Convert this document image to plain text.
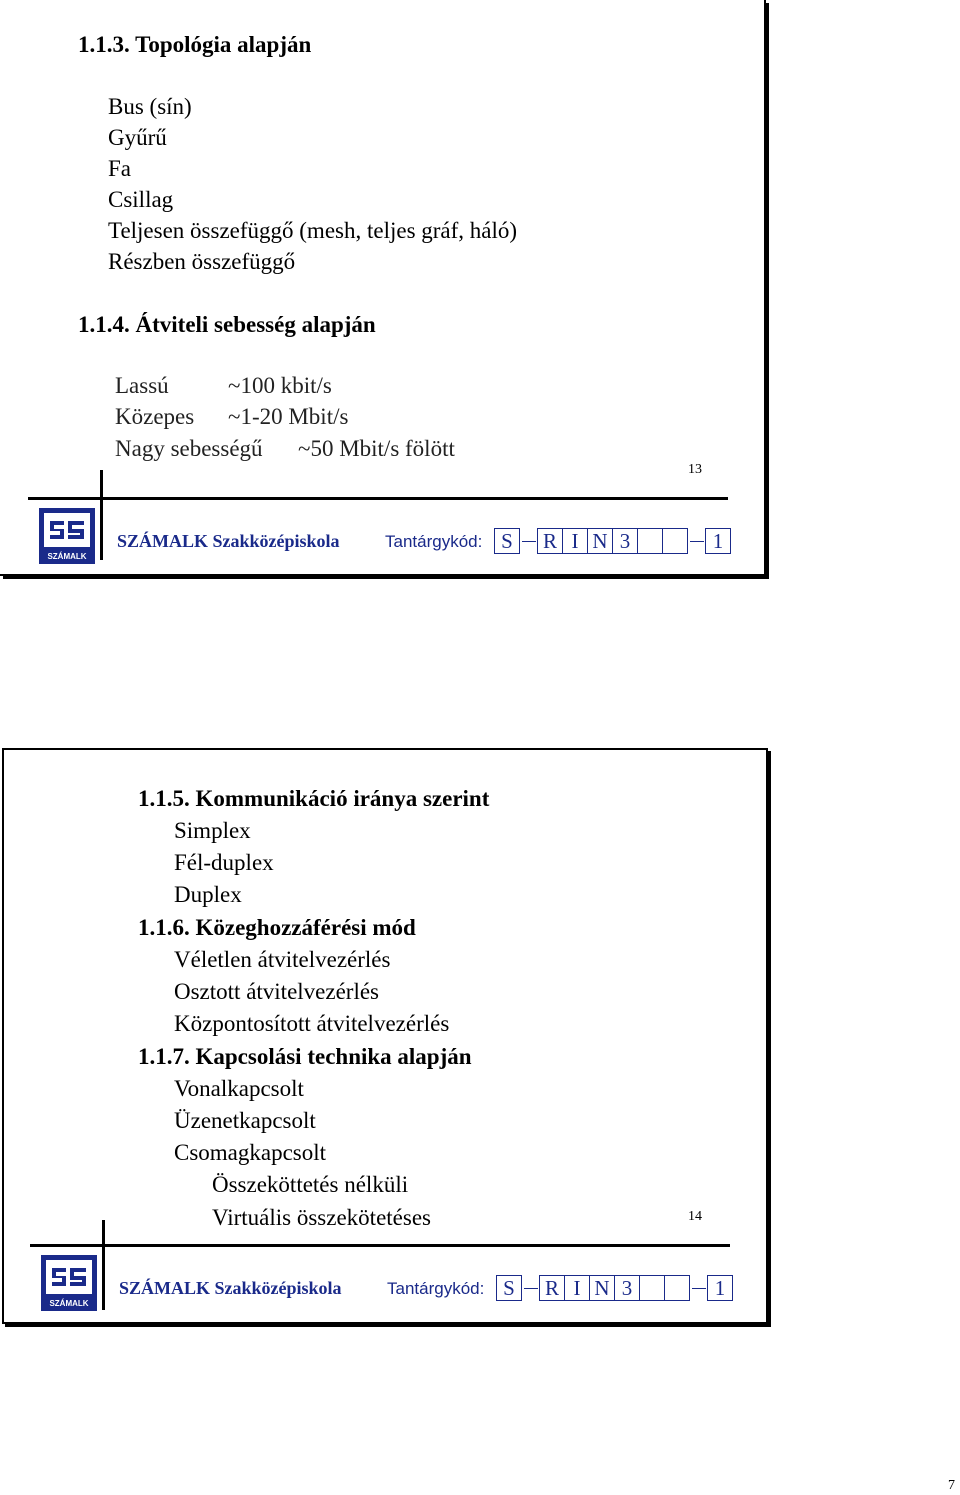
1.1.3. Topológia alapján
Bus (sín)
Gyűrű
Fa
Csillag
Teljesen összefüggő (mesh, teljes gráf, háló)
Részben összefüggő
1.1.4. Átviteli sebesség alapján
Lassú	~100 kbit/s
Közepes ~1-20 Mbit/s
Nagy sebességű ~50 Mbit/s fölött
13
SZÁMALK
SZÁMALK Szakközépiskola	Tantárgykód: S	R I N 3	1
1.1.5. Kommunikáció iránya szerint
Simplex
Fél-duplex
Duplex
1.1.6. Közeghozzáférési mód
Véletlen átvitelvezérlés
Osztott átvitelvezérlés
Központosított átvitelvezérlés
1.1.7. Kapcsolási technika alapján
Vonalkapcsolt
Üzenetkapcsolt
Csomagkapcsolt
Összeköttetés nélküli
Virtuális összekötetéses	14
SZÁMALK
SZÁMALK Szakközépiskola	Tantárgykód: S	R I N 3	1
7
